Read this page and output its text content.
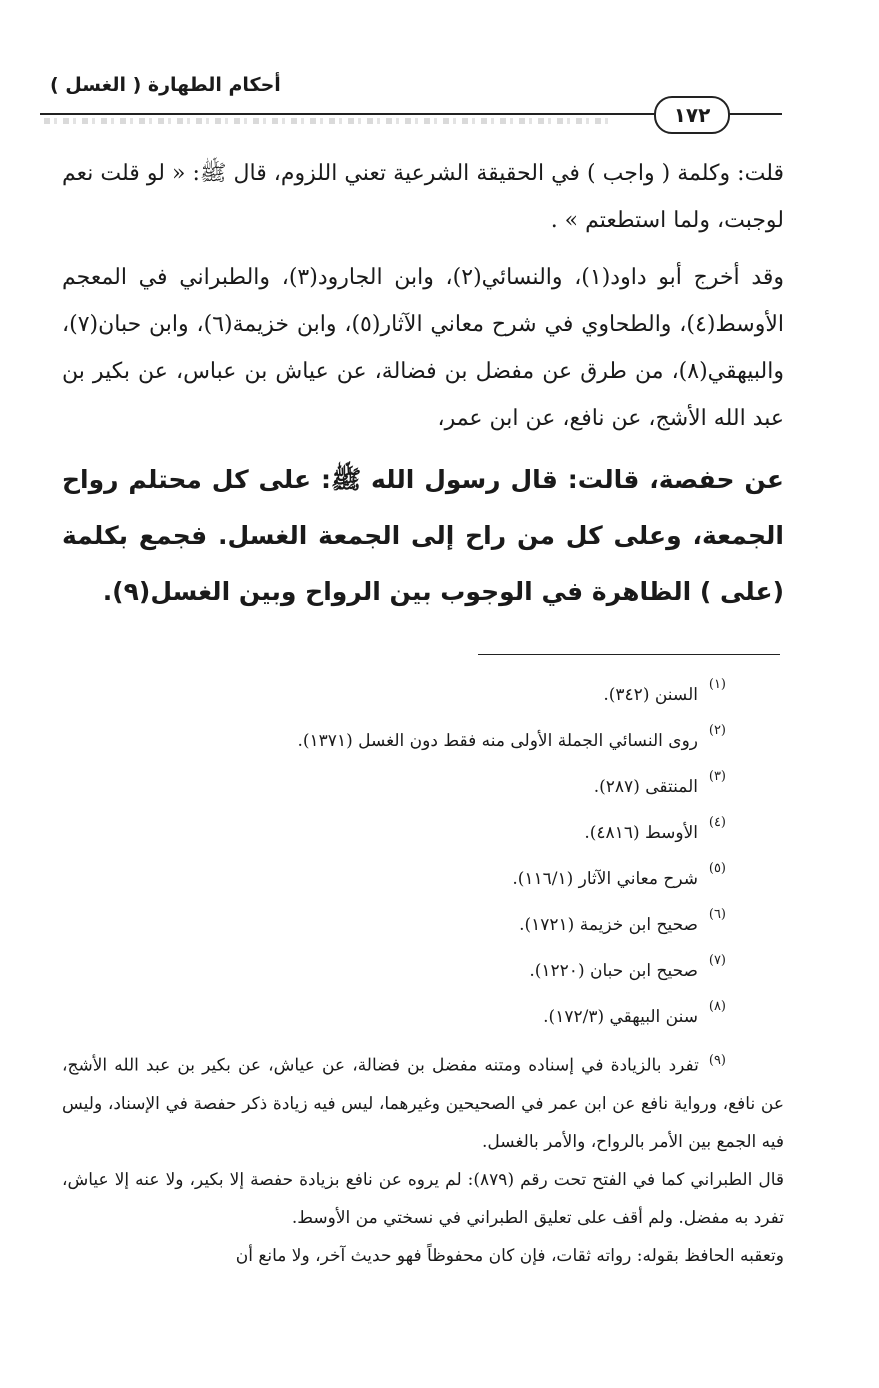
أحكام الطهارة ( الغسل )
١٧٢

قلت: وكلمة ( واجب ) في الحقيقة الشرعية تعني اللزوم، قال ﷺ: « لو قلت نعم لوجبت، ولما استطعتم » .

وقد أخرج أبو داود(١)، والنسائي(٢)، وابن الجارود(٣)، والطبراني في المعجم الأوسط(٤)، والطحاوي في شرح معاني الآثار(٥)، وابن خزيمة(٦)، وابن حبان(٧)، والبيهقي(٨)، من طرق عن مفضل بن فضالة، عن عياش بن عباس، عن بكير بن عبد الله الأشج، عن نافع، عن ابن عمر،

عن حفصة، قالت: قال رسول الله ﷺ: على كل محتلم رواح الجمعة، وعلى كل من راح إلى الجمعة الغسل. فجمع بكلمة (على ) الظاهرة في الوجوب بين الرواح وبين الغسل(٩).

(١)
السنن (٣٤٢).
(٢)
روى النسائي الجملة الأولى منه فقط دون الغسل (١٣٧١).
(٣)
المنتقى (٢٨٧).
(٤)
الأوسط (٤٨١٦).
(٥)
شرح معاني الآثار (١١٦/١).
(٦)
صحيح ابن خزيمة (١٧٢١).
(٧)
صحيح ابن حبان (١٢٢٠).
(٨)
سنن البيهقي (١٧٢/٣).
$^{(٩)}$تفرد بالزيادة في إسناده ومتنه مفضل بن فضالة، عن عياش، عن بكير بن عبد الله الأشج، عن نافع، ورواية نافع عن ابن عمر في الصحيحين وغيرهما، ليس فيه زيادة ذكر حفصة في الإسناد، وليس فيه الجمع بين الأمر بالرواح، والأمر بالغسل.
قال الطبراني كما في الفتح تحت رقم (٨٧٩): لم يروه عن نافع بزيادة حفصة إلا بكير، ولا عنه إلا عياش، تفرد به مفضل. ولم أقف على تعليق الطبراني في نسختي من الأوسط.
وتعقبه الحافظ بقوله: رواته ثقات، فإن كان محفوظاً فهو حديث آخر، ولا مانع أن
